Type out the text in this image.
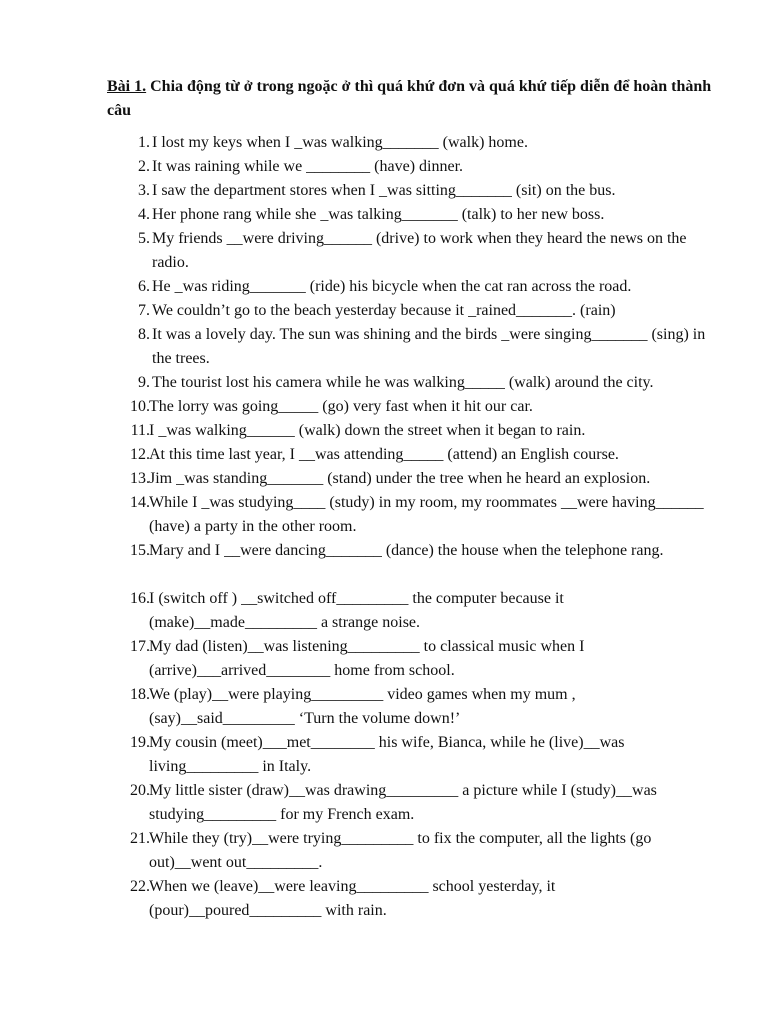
Bài 1. Chia động từ ở trong ngoặc ở thì quá khứ đơn và quá khứ tiếp diễn để hoàn thành câu
1. I lost my keys when I _was walking_______ (walk) home.
2. It was raining while we ________ (have) dinner.
3. I saw the department stores when I _was sitting_______ (sit) on the bus.
4. Her phone rang while she _was talking_______ (talk) to her new boss.
5. My friends __were driving______ (drive) to work when they heard the news on the radio.
6. He _was riding_______ (ride) his bicycle when the cat ran across the road.
7. We couldn’t go to the beach yesterday because it _rained_______. (rain)
8. It was a lovely day. The sun was shining and the birds _were singing_______ (sing) in the trees.
9. The tourist lost his camera while he was walking_____ (walk) around the city.
10. The lorry was going_____ (go) very fast when it hit our car.
11. I _was walking______ (walk) down the street when it began to rain.
12. At this time last year, I __was attending_____ (attend) an English course.
13. Jim _was standing_______ (stand) under the tree when he heard an explosion.
14. While I _was studying____ (study) in my room, my roommates __were having______ (have) a party in the other room.
15. Mary and I __were dancing_______ (dance) the house when the telephone rang.
16. I (switch off ) __switched off_________ the computer because it (make)__made_________ a strange noise.
17. My dad (listen)__was listening_________ to classical music when I (arrive)___arrived________ home from school.
18. We (play)__were playing_________ video games when my mum , (say)__said_________ ‘Turn the volume down!’
19. My cousin (meet)___met________ his wife, Bianca, while he (live)__was living_________ in Italy.
20. My little sister (draw)__was drawing_________ a picture while I (study)__was studying_________ for my French exam.
21. While they (try)__were trying_________ to fix the computer, all the lights (go out)__went out_________.
22. When we (leave)__were leaving_________ school yesterday, it (pour)__poured_________ with rain.
